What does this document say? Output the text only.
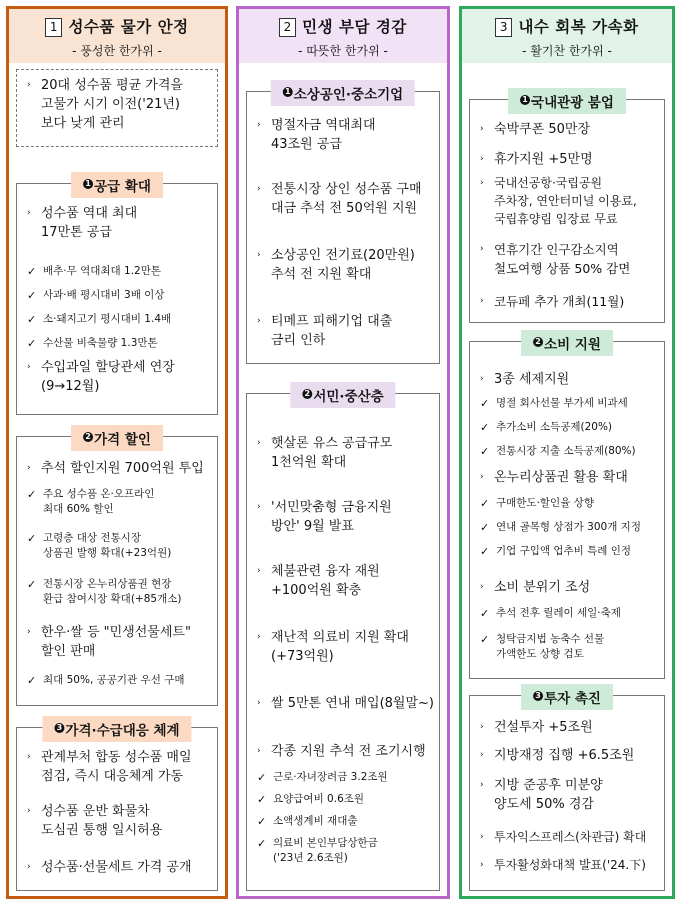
1 성수품 물가 안정
- 풍성한 한가위 -
› 20대 성수품 평균 가격을
고물가 시기 이전('21년)
보다 낮게 관리
1 공급 확대
› 성수품 역대 최대
17만톤 공급
✓ 배추·무 역대최대 1.2만톤
✓ 사과·배 평시대비 3배 이상
✓ 소·돼지고기 평시대비 1.4배
✓ 수산물 비축물량 1.3만톤
› 수입과일 할당관세 연장
(9→12월)
2 가격 할인
› 추석 할인지원 700억원 투입
✓ 주요 성수품 온·오프라인
최대 60% 할인
✓ 고령층 대상 전통시장
상품권 발행 확대(+23억원)
✓ 전통시장 온누리상품권 현장
환급 참여시장 확대(+85개소)
› 한우·쌀 등 "민생선물세트"
할인 판매
✓ 최대 50%, 공공기관 우선 구매
3 가격·수급대응 체계
› 관계부처 합동 성수품 매일
점검, 즉시 대응체계 가동
› 성수품 운반 화물차
도심권 통행 일시허용
› 성수품·선물세트 가격 공개
2 민생 부담 경감
- 따뜻한 한가위 -
1 소상공인·중소기업
› 명절자금 역대최대
43조원 공급
› 전통시장 상인 성수품 구매
대금 추석 전 50억원 지원
› 소상공인 전기료(20만원)
추석 전 지원 확대
› 티메프 피해기업 대출
금리 인하
2 서민·중산층
› 햇살론 유스 공급규모
1천억원 확대
› '서민맞춤형 금융지원
방안' 9월 발표
› 체불관련 융자 재원
+100억원 확충
› 재난적 의료비 지원 확대
(+73억원)
› 쌀 5만톤 연내 매입(8월말~)
› 각종 지원 추석 전 조기시행
✓ 근로·자녀장려금 3.2조원
✓ 요양급여비 0.6조원
✓ 소액생계비 재대출
✓ 의료비 본인부담상한금
('23년 2.6조원)
3 내수 회복 가속화
- 활기찬 한가위 -
1 국내관광 붐업
› 숙박쿠폰 50만장
› 휴가지원 +5만명
› 국내선공항·국립공원
주차장, 연안터미널 이용료,
국립휴양림 입장료 무료
› 연휴기간 인구감소지역
철도여행 상품 50% 감면
› 코듀페 추가 개최(11월)
2 소비 지원
› 3종 세제지원
✓ 명절 회사선물 부가세 비과세
✓ 추가소비 소득공제(20%)
✓ 전통시장 지출 소득공제(80%)
› 온누리상품권 활용 확대
✓ 구매한도·할인율 상향
✓ 연내 골목형 상점가 300개 지정
✓ 기업 구입액 업추비 특례 인정
› 소비 분위기 조성
✓ 추석 전후 릴레이 세일·축제
✓ 청탁금지법 농축수 선물
가액한도 상향 검토
3 투자 촉진
› 건설투자 +5조원
› 지방재정 집행 +6.5조원
› 지방 준공후 미분양
양도세 50% 경감
› 투자익스프레스(차관급) 확대
› 투자활성화대책 발표('24.下)
